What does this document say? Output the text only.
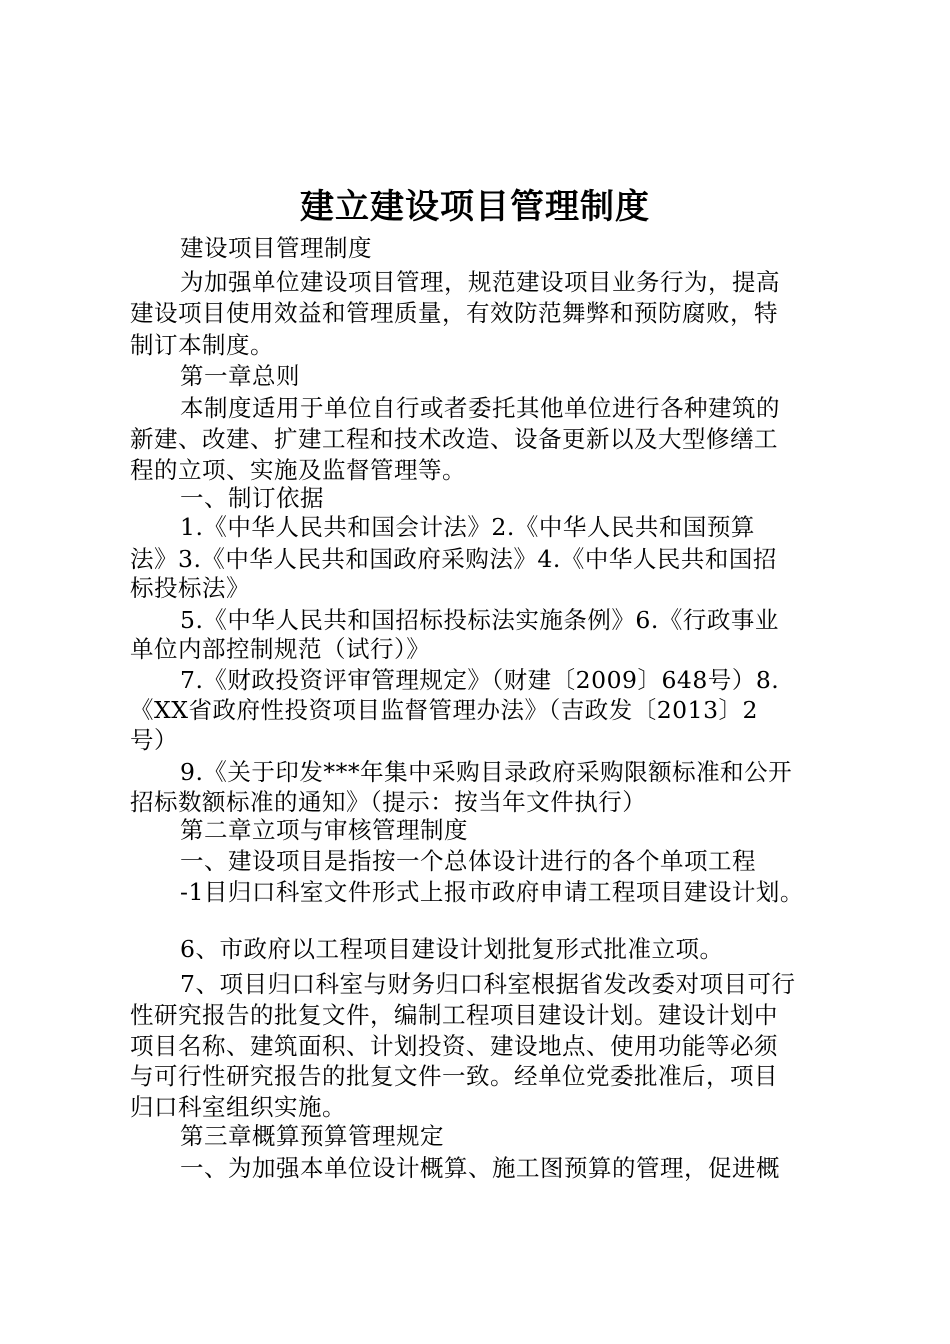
建立建设项目管理制度
建设项目管理制度
为加强单位建设项目管理，规范建设项目业务行为，提高
建设项目使用效益和管理质量，有效防范舞弊和预防腐败，特
制订本制度。
第一章总则
本制度适用于单位自行或者委托其他单位进行各种建筑的
新建、改建、扩建工程和技术改造、设备更新以及大型修缮工
程的立项、实施及监督管理等。
一、制订依据
1.《中华人民共和国会计法》2.《中华人民共和国预算
法》3.《中华人民共和国政府采购法》4.《中华人民共和国招
标投标法》
5.《中华人民共和国招标投标法实施条例》6.《行政事业
单位内部控制规范（试行）》
7.《财政投资评审管理规定》（财建〔2009〕648号）8.
《XX省政府性投资项目监督管理办法》（吉政发〔2013〕2
号）
9.《关于印发***年集中采购目录政府采购限额标准和公开
招标数额标准的通知》（提示：按当年文件执行）
第二章立项与审核管理制度
一、建设项目是指按一个总体设计进行的各个单项工程
-1目归口科室文件形式上报市政府申请工程项目建设计划。
6、市政府以工程项目建设计划批复形式批准立项。
7、项目归口科室与财务归口科室根据省发改委对项目可行
性研究报告的批复文件，编制工程项目建设计划。建设计划中
项目名称、建筑面积、计划投资、建设地点、使用功能等必须
与可行性研究报告的批复文件一致。经单位党委批准后，项目
归口科室组织实施。
第三章概算预算管理规定
一、为加强本单位设计概算、施工图预算的管理，促进概
